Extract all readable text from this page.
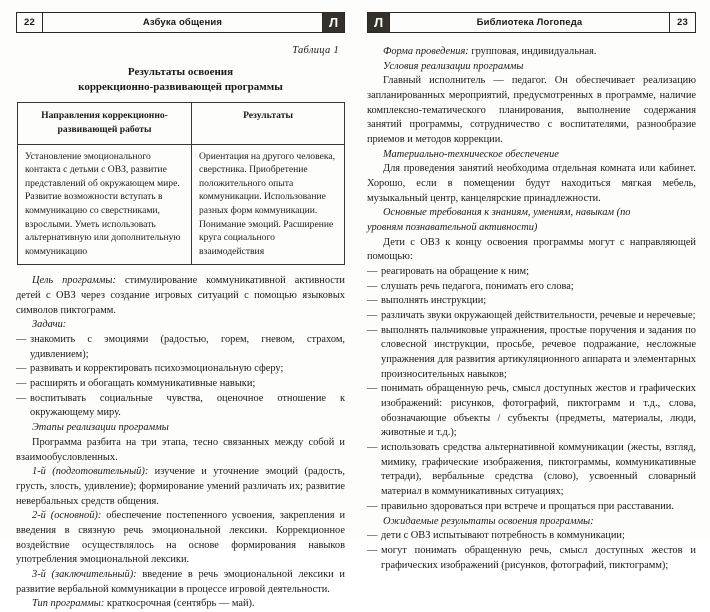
22	Азбука общения	Л
Таблица 1
Результаты освоения
коррекционно-развивающей программы
Направления коррекционно-развивающей работы	Результаты
Установление эмоционального контакта с детьми с ОВЗ, развитие представлений об окружающем мире. Развитие возможности вступать в коммуникацию со сверстниками, взрослыми. Уметь использовать альтернативную или дополнительную коммуникацию	Ориентация на другого человека, сверстника. Приобретение положительного опыта коммуникации. Использование разных форм коммуникации. Понимание эмоций. Расширение круга социального взаимодействия

Цель программы: стимулирование коммуникативной активности детей с ОВЗ через создание игровых ситуаций с помощью языковых символов пиктограмм.

Задачи:

— знакомить с эмоциями (радостью, горем, гневом, страхом, удивлением);
— развивать и корректировать психоэмоциональную сферу;
— расширять и обогащать коммуникативные навыки;
— воспитывать социальные чувства, оценочное отношение к окружающему миру.

Этапы реализации программы

Программа разбита на три этапа, тесно связанных между собой и взаимообусловленных.

1-й (подготовительный): изучение и уточнение эмоций (радость, грусть, злость, удивление); формирование умений различать их; развитие невербальных средств общения.

2-й (основной): обеспечение постепенного усвоения, закрепления и введения в связную речь эмоциональной лексики. Коррекционное воздействие осуществлялось на основе формирования навыков употребления эмоциональной лексики.

3-й (заключительный): введение в речь эмоциональной лексики и развитие вербальной коммуникации в процессе игровой деятельности.

Тип программы: краткосрочная (сентябрь — май).

Л	Библиотека Логопеда	23

Форма проведения: групповая, индивидуальная.

Условия реализации программы

Главный исполнитель — педагог. Он обеспечивает реализацию запланированных мероприятий, предусмотренных в программе, наличие комплексно-тематического планирования, выполнение содержания занятий программы, сотрудничество с воспитателями, разнообразие приемов и методов коррекции.

Материально-техническое обеспечение

Для проведения занятий необходима отдельная комната или кабинет. Хорошо, если в помещении будут находиться мягкая мебель, музыкальный центр, канцелярские принадлежности.

Основные требования к знаниям, умениям, навыкам (по

уровням познавательной активности)

Дети с ОВЗ к концу освоения программы могут с направляющей помощью:

— реагировать на обращение к ним;
— слушать речь педагога, понимать его слова;
— выполнять инструкции;
— различать звуки окружающей действительности, речевые и неречевые;
— выполнять пальчиковые упражнения, простые поручения и задания по словесной инструкции, просьбе, речевое подражание, несложные упражнения для развития артикуляционного аппарата и элементарных произносительных навыков;
— понимать обращенную речь, смысл доступных жестов и графических изображений: рисунков, фотографий, пиктограмм и т.д., слова, обозначающие объекты / субъекты (предметы, материалы, люди, животные и т.д.);
— использовать средства альтернативной коммуникации (жесты, взгляд, мимику, графические изображения, пиктограммы, коммуникативные тетради), вербальные средства (слово), усвоенный словарный материал в коммуникативных ситуациях;
— правильно здороваться при встрече и прощаться при расставании.

Ожидаемые результаты освоения программы:

— дети с ОВЗ испытывают потребность в коммуникации;
— могут понимать обращенную речь, смысл доступных жестов и графических изображений (рисунков, фотографий, пиктограмм);
